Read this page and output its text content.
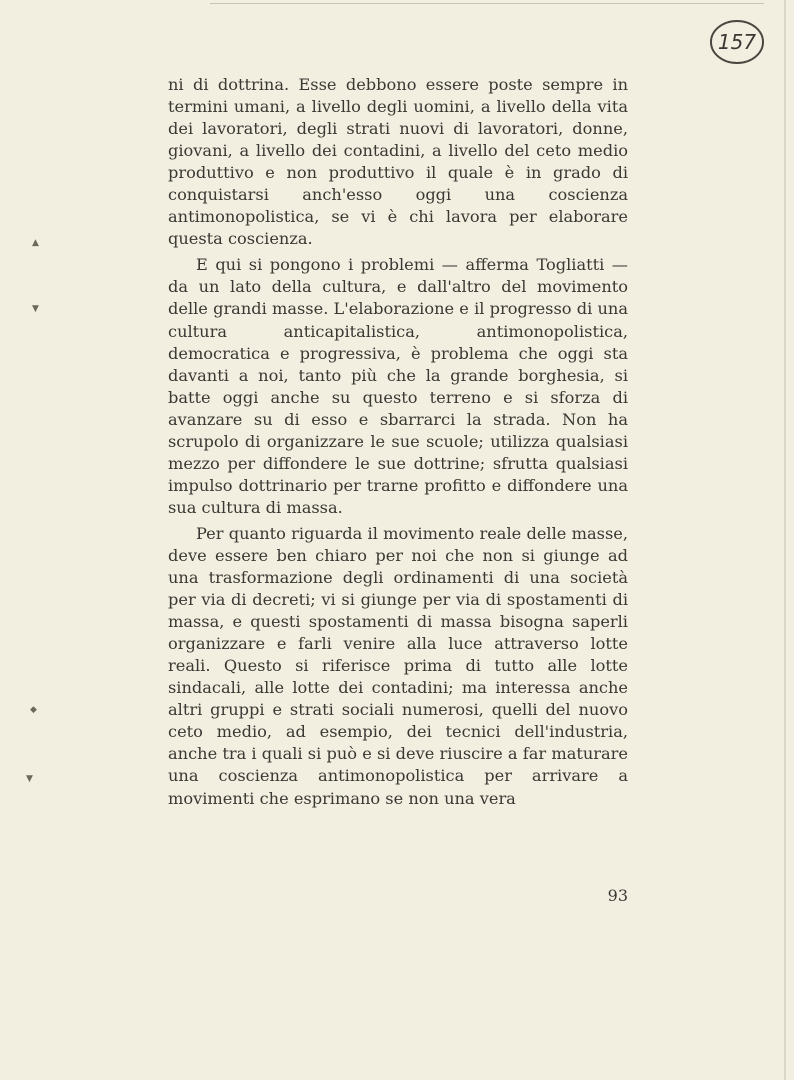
157

ni di dottrina. Esse debbono essere poste sempre in termini umani, a livello degli uomini, a livello della vita dei lavoratori, degli strati nuovi di lavoratori, donne, giovani, a livello dei contadini, a livello del ceto medio produttivo e non produttivo il quale è in grado di conquistarsi anch'esso oggi una coscienza antimonopolistica, se vi è chi lavora per elaborare questa coscienza.

E qui si pongono i problemi — afferma Togliatti — da un lato della cultura, e dall'altro del movimento delle grandi masse. L'elaborazione e il progresso di una cultura anticapitalistica, antimonopolistica, democratica e progressiva, è problema che oggi sta davanti a noi, tanto più che la grande borghesia, si batte oggi anche su questo terreno e si sforza di avanzare su di esso e sbarrarci la strada. Non ha scrupolo di organizzare le sue scuole; utilizza qualsiasi mezzo per diffondere le sue dottrine; sfrutta qualsiasi impulso dottrinario per trarne profitto e diffondere una sua cultura di massa.

Per quanto riguarda il movimento reale delle masse, deve essere ben chiaro per noi che non si giunge ad una trasformazione degli ordinamenti di una società per via di decreti; vi si giunge per via di spostamenti di massa, e questi spostamenti di massa bisogna saperli organizzare e farli venire alla luce attraverso lotte reali. Questo si riferisce prima di tutto alle lotte sindacali, alle lotte dei contadini; ma interessa anche altri gruppi e strati sociali numerosi, quelli del nuovo ceto medio, ad esempio, dei tecnici dell'industria, anche tra i quali si può e si deve riuscire a far maturare una coscienza antimonopolistica per arrivare a movimenti che esprimano se non una vera

93
▲
▼
◆
▼
